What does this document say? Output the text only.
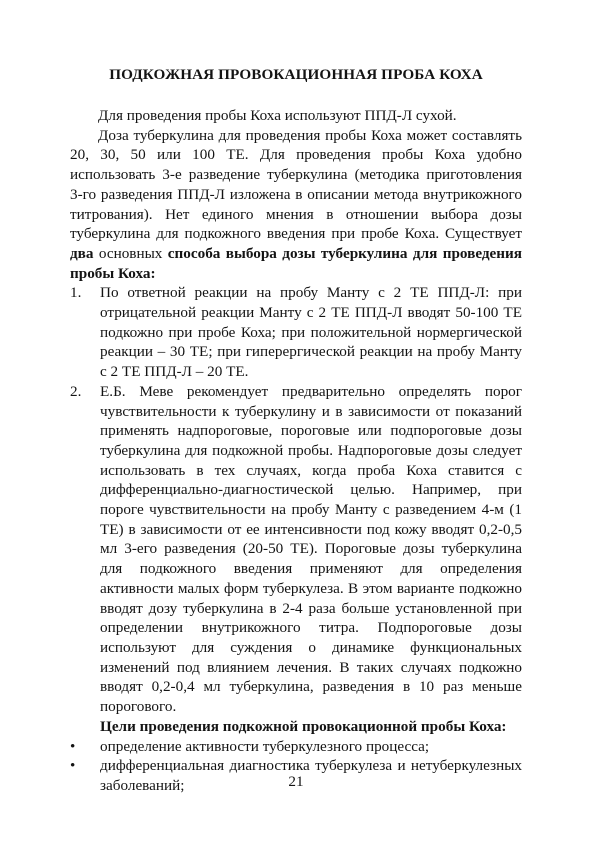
ПОДКОЖНАЯ ПРОВОКАЦИОННАЯ ПРОБА КОХА

Для проведения пробы Коха используют ППД-Л сухой.

Доза туберкулина для проведения пробы Коха может составлять 20, 30, 50 или 100 ТЕ. Для проведения пробы Коха удобно использовать 3-е разведение туберкулина (методика приготовления 3-го разведения ППД-Л изложена в описании метода внутрикожного титрования). Нет единого мнения в отношении выбора дозы туберкулина для подкожного введения при пробе Коха. Существует два основных способа выбора дозы туберкулина для проведения пробы Коха:

1. По ответной реакции на пробу Манту с 2 ТЕ ППД-Л: при отрицательной реакции Манту с 2 ТЕ ППД-Л вводят 50-100 ТЕ подкожно при пробе Коха; при положительной нормергической реакции – 30 ТЕ; при гиперергической реакции на пробу Манту с 2 ТЕ ППД-Л – 20 ТЕ.
2. Е.Б. Меве рекомендует предварительно определять порог чувствительности к туберкулину и в зависимости от показаний применять надпороговые, пороговые или подпороговые дозы туберкулина для подкожной пробы. Надпороговые дозы следует использовать в тех случаях, когда проба Коха ставится с дифференциально-диагностической целью. Например, при пороге чувствительности на пробу Манту с разведением 4-м (1 ТЕ) в зависимости от ее интенсивности под кожу вводят 0,2-0,5 мл 3-его разведения (20-50 ТЕ). Пороговые дозы туберкулина для подкожного введения применяют для определения активности малых форм туберкулеза. В этом варианте подкожно вводят дозу туберкулина в 2-4 раза больше установленной при определении внутрикожного титра. Подпороговые дозы используют для суждения о динамике функциональных изменений под влиянием лечения. В таких случаях подкожно вводят 0,2-0,4 мл туберкулина, разведения в 10 раз меньше порогового.

Цели проведения подкожной провокационной пробы Коха:

•	определение активности туберкулезного процесса;
•	дифференциальная диагностика туберкулеза и нетуберкулезных заболеваний;	21
